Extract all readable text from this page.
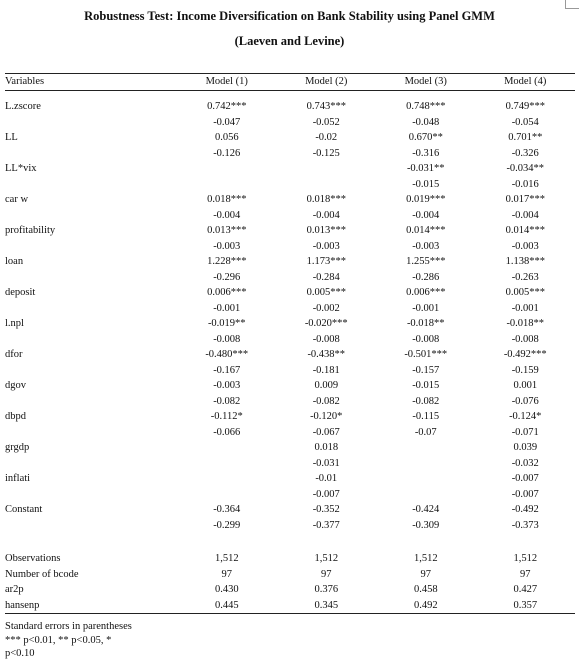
Robustness Test: Income Diversification on Bank Stability using Panel GMM
(Laeven and Levine)
Variables	Model (1)	Model (2)	Model (3)	Model (4)

L.zscore	0.742***	0.743***	0.748***	0.749***
	-0.047	-0.052	-0.048	-0.054
LL	0.056	-0.02	0.670**	0.701**
	-0.126	-0.125	-0.316	-0.326
LL*vix			-0.031**	-0.034**
			-0.015	-0.016
car w	0.018***	0.018***	0.019***	0.017***
	-0.004	-0.004	-0.004	-0.004
profitability	0.013***	0.013***	0.014***	0.014***
	-0.003	-0.003	-0.003	-0.003
loan	1.228***	1.173***	1.255***	1.138***
	-0.296	-0.284	-0.286	-0.263
deposit	0.006***	0.005***	0.006***	0.005***
	-0.001	-0.002	-0.001	-0.001
l.npl	-0.019**	-0.020***	-0.018**	-0.018**
	-0.008	-0.008	-0.008	-0.008
dfor	-0.480***	-0.438**	-0.501***	-0.492***
	-0.167	-0.181	-0.157	-0.159
dgov	-0.003	0.009	-0.015	0.001
	-0.082	-0.082	-0.082	-0.076
dbpd	-0.112*	-0.120*	-0.115	-0.124*
	-0.066	-0.067	-0.07	-0.071
grgdp		0.018		0.039
		-0.031		-0.032
inflati		-0.01		-0.007
		-0.007		-0.007
Constant	-0.364	-0.352	-0.424	-0.492
	-0.299	-0.377	-0.309	-0.373

Observations	1,512	1,512	1,512	1,512
Number of bcode	97	97	97	97
ar2p	0.430	0.376	0.458	0.427
hansenp	0.445	0.345	0.492	0.357
Standard errors in parentheses
*** p<0.01, ** p<0.05, *
p<0.10
